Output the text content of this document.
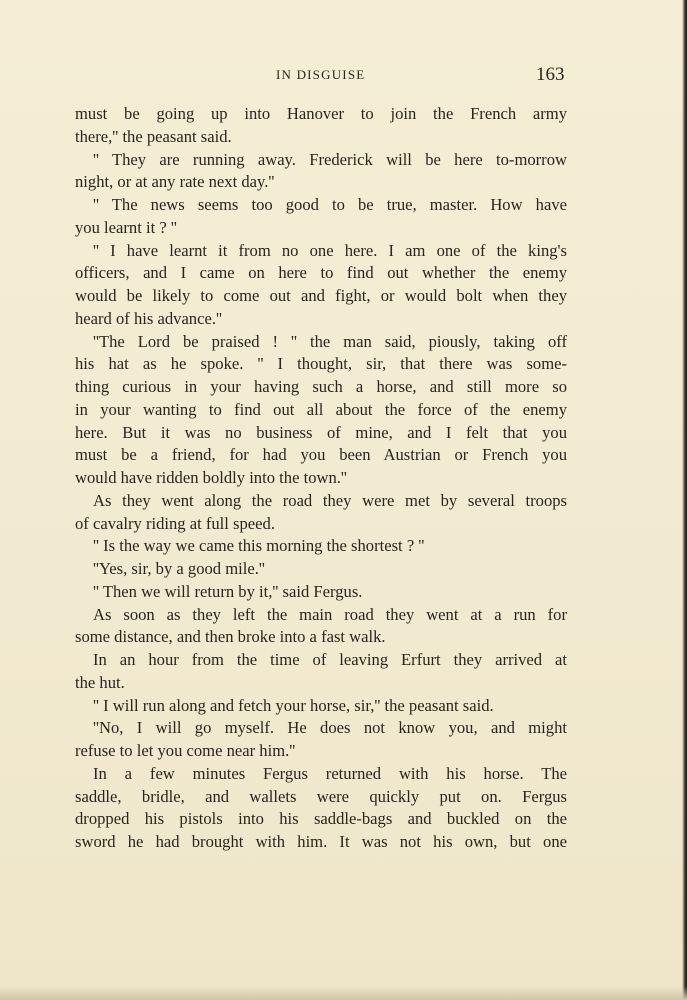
IN DISGUISE	163
must be going up into Hanover to join the French army
there,'' the peasant said.
'' They are running away. Frederick will be here to-morrow
night, or at any rate next day.''
'' The news seems too good to be true, master. How have
you learnt it ? ''
'' I have learnt it from no one here. I am one of the king's
officers, and I came on here to find out whether the enemy
would be likely to come out and fight, or would bolt when they
heard of his advance.''
''The Lord be praised ! '' the man said, piously, taking off
his hat as he spoke. '' I thought, sir, that there was some-
thing curious in your having such a horse, and still more so
in your wanting to find out all about the force of the enemy
here. But it was no business of mine, and I felt that you
must be a friend, for had you been Austrian or French you
would have ridden boldly into the town.''
As they went along the road they were met by several troops
of cavalry riding at full speed.
'' Is the way we came this morning the shortest ? ''
''Yes, sir, by a good mile.''
'' Then we will return by it,'' said Fergus.
As soon as they left the main road they went at a run for
some distance, and then broke into a fast walk.
In an hour from the time of leaving Erfurt they arrived at
the hut.
'' I will run along and fetch your horse, sir,'' the peasant said.
''No, I will go myself. He does not know you, and might
refuse to let you come near him.''
In a few minutes Fergus returned with his horse. The
saddle, bridle, and wallets were quickly put on. Fergus
dropped his pistols into his saddle-bags and buckled on the
sword he had brought with him. It was not his own, but one
